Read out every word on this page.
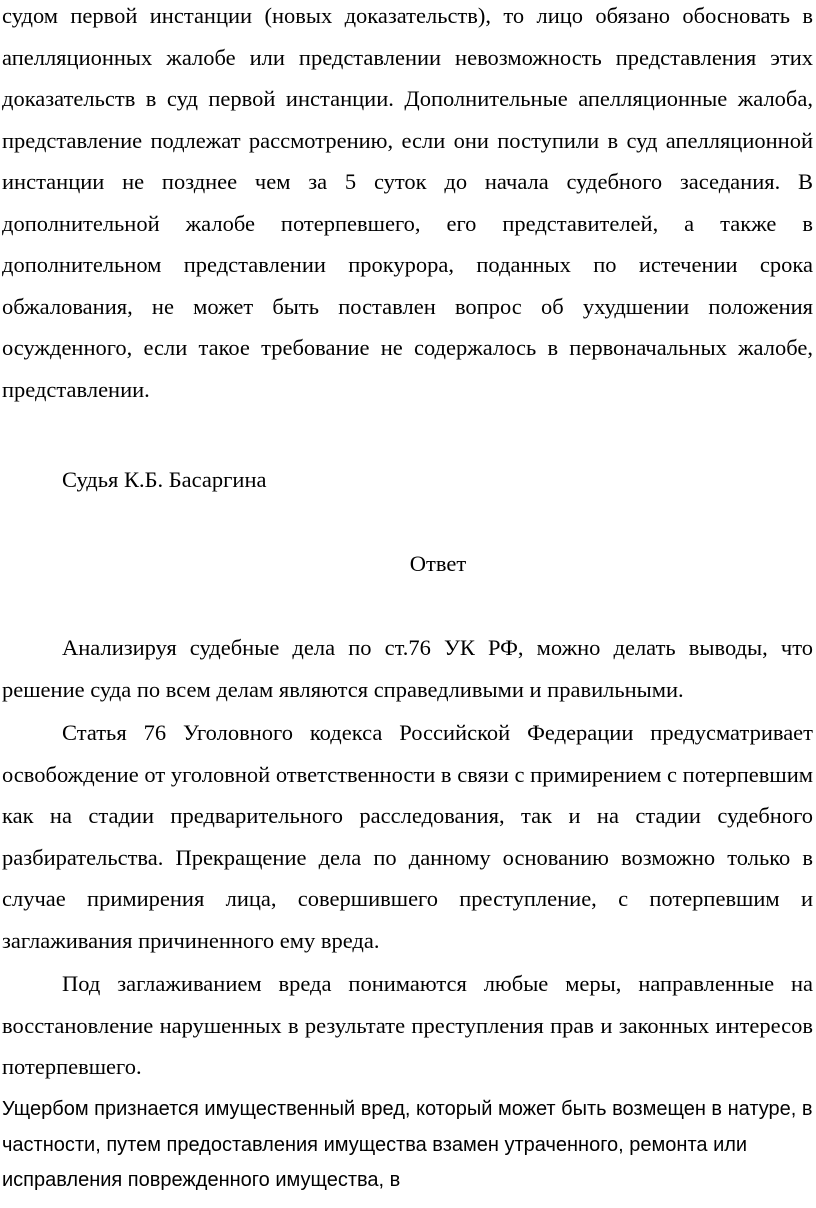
судом первой инстанции (новых доказательств), то лицо обязано обосновать в апелляционных жалобе или представлении невозможность представления этих доказательств в суд первой инстанции. Дополнительные апелляционные жалоба, представление подлежат рассмотрению, если они поступили в суд апелляционной инстанции не позднее чем за 5 суток до начала судебного заседания. В дополнительной жалобе потерпевшего, его представителей, а также в дополнительном представлении прокурора, поданных по истечении срока обжалования, не может быть поставлен вопрос об ухудшении положения осужденного, если такое требование не содержалось в первоначальных жалобе, представлении.

Судья К.Б. Басаргина

Ответ

Анализируя судебные дела по ст.76 УК РФ, можно делать выводы, что решение суда по всем делам являются справедливыми и правильными.

Статья 76 Уголовного кодекса Российской Федерации предусматривает освобождение от уголовной ответственности в связи с примирением с потерпевшим как на стадии предварительного расследования, так и на стадии судебного разбирательства. Прекращение дела по данному основанию возможно только в случае примирения лица, совершившего преступление, с потерпевшим и заглаживания причиненного ему вреда.

Под заглаживанием вреда понимаются любые меры, направленные на восстановление нарушенных в результате преступления прав и законных интересов потерпевшего.

Ущербом признается имущественный вред, который может быть возмещен в натуре, в частности, путем предоставления имущества взамен утраченного, ремонта или исправления поврежденного имущества, в
